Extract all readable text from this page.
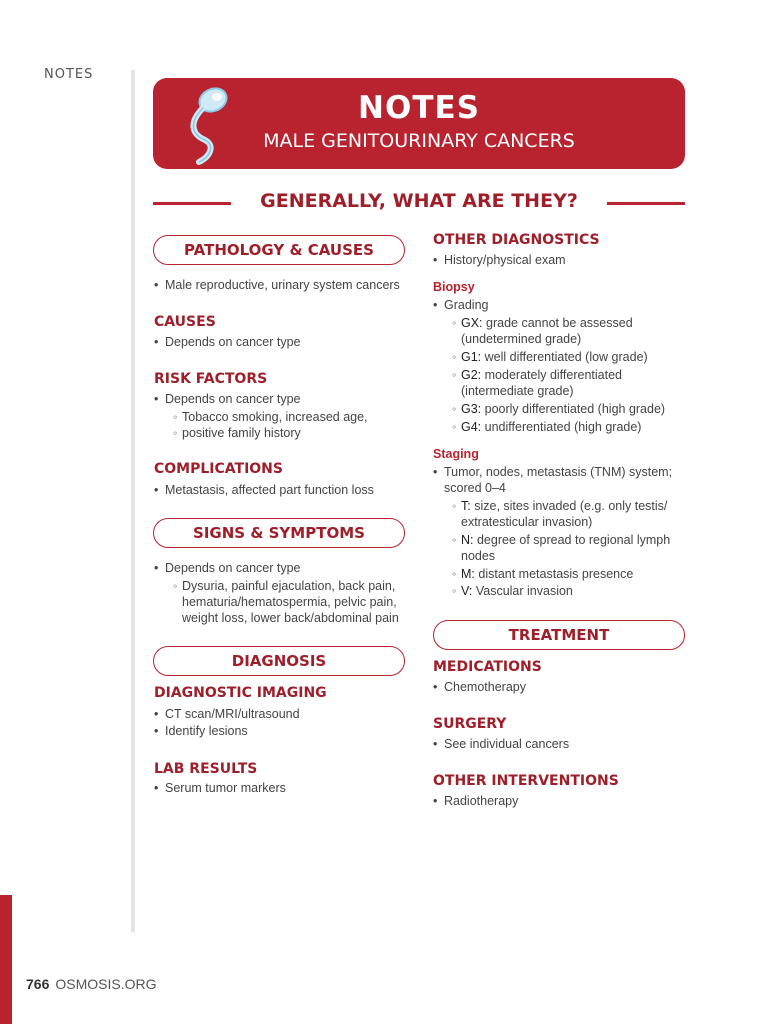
NOTES
NOTES
MALE GENITOURINARY CANCERS
GENERALLY, WHAT ARE THEY?
PATHOLOGY & CAUSES
• Male reproductive, urinary system cancers
CAUSES
• Depends on cancer type
RISK FACTORS
• Depends on cancer type
◦ Tobacco smoking, increased age,
◦ positive family history
COMPLICATIONS
• Metastasis, affected part function loss
SIGNS & SYMPTOMS
• Depends on cancer type
◦ Dysuria, painful ejaculation, back pain,
hematuria/hematospermia, pelvic pain,
weight loss, lower back/abdominal pain
DIAGNOSIS
DIAGNOSTIC IMAGING
• CT scan/MRI/ultrasound
• Identify lesions
LAB RESULTS
• Serum tumor markers
OTHER DIAGNOSTICS
• History/physical exam
Biopsy
• Grading
◦ GX: grade cannot be assessed
(undetermined grade)
◦ G1: well differentiated (low grade)
◦ G2: moderately differentiated
(intermediate grade)
◦ G3: poorly differentiated (high grade)
◦ G4: undifferentiated (high grade)
Staging
• Tumor, nodes, metastasis (TNM) system;
scored 0–4
◦ T: size, sites invaded (e.g. only testis/
extratesticular invasion)
◦ N: degree of spread to regional lymph
nodes
◦ M: distant metastasis presence
◦ V: Vascular invasion
TREATMENT
MEDICATIONS
• Chemotherapy
SURGERY
• See individual cancers
OTHER INTERVENTIONS
• Radiotherapy
766 OSMOSIS.ORG
